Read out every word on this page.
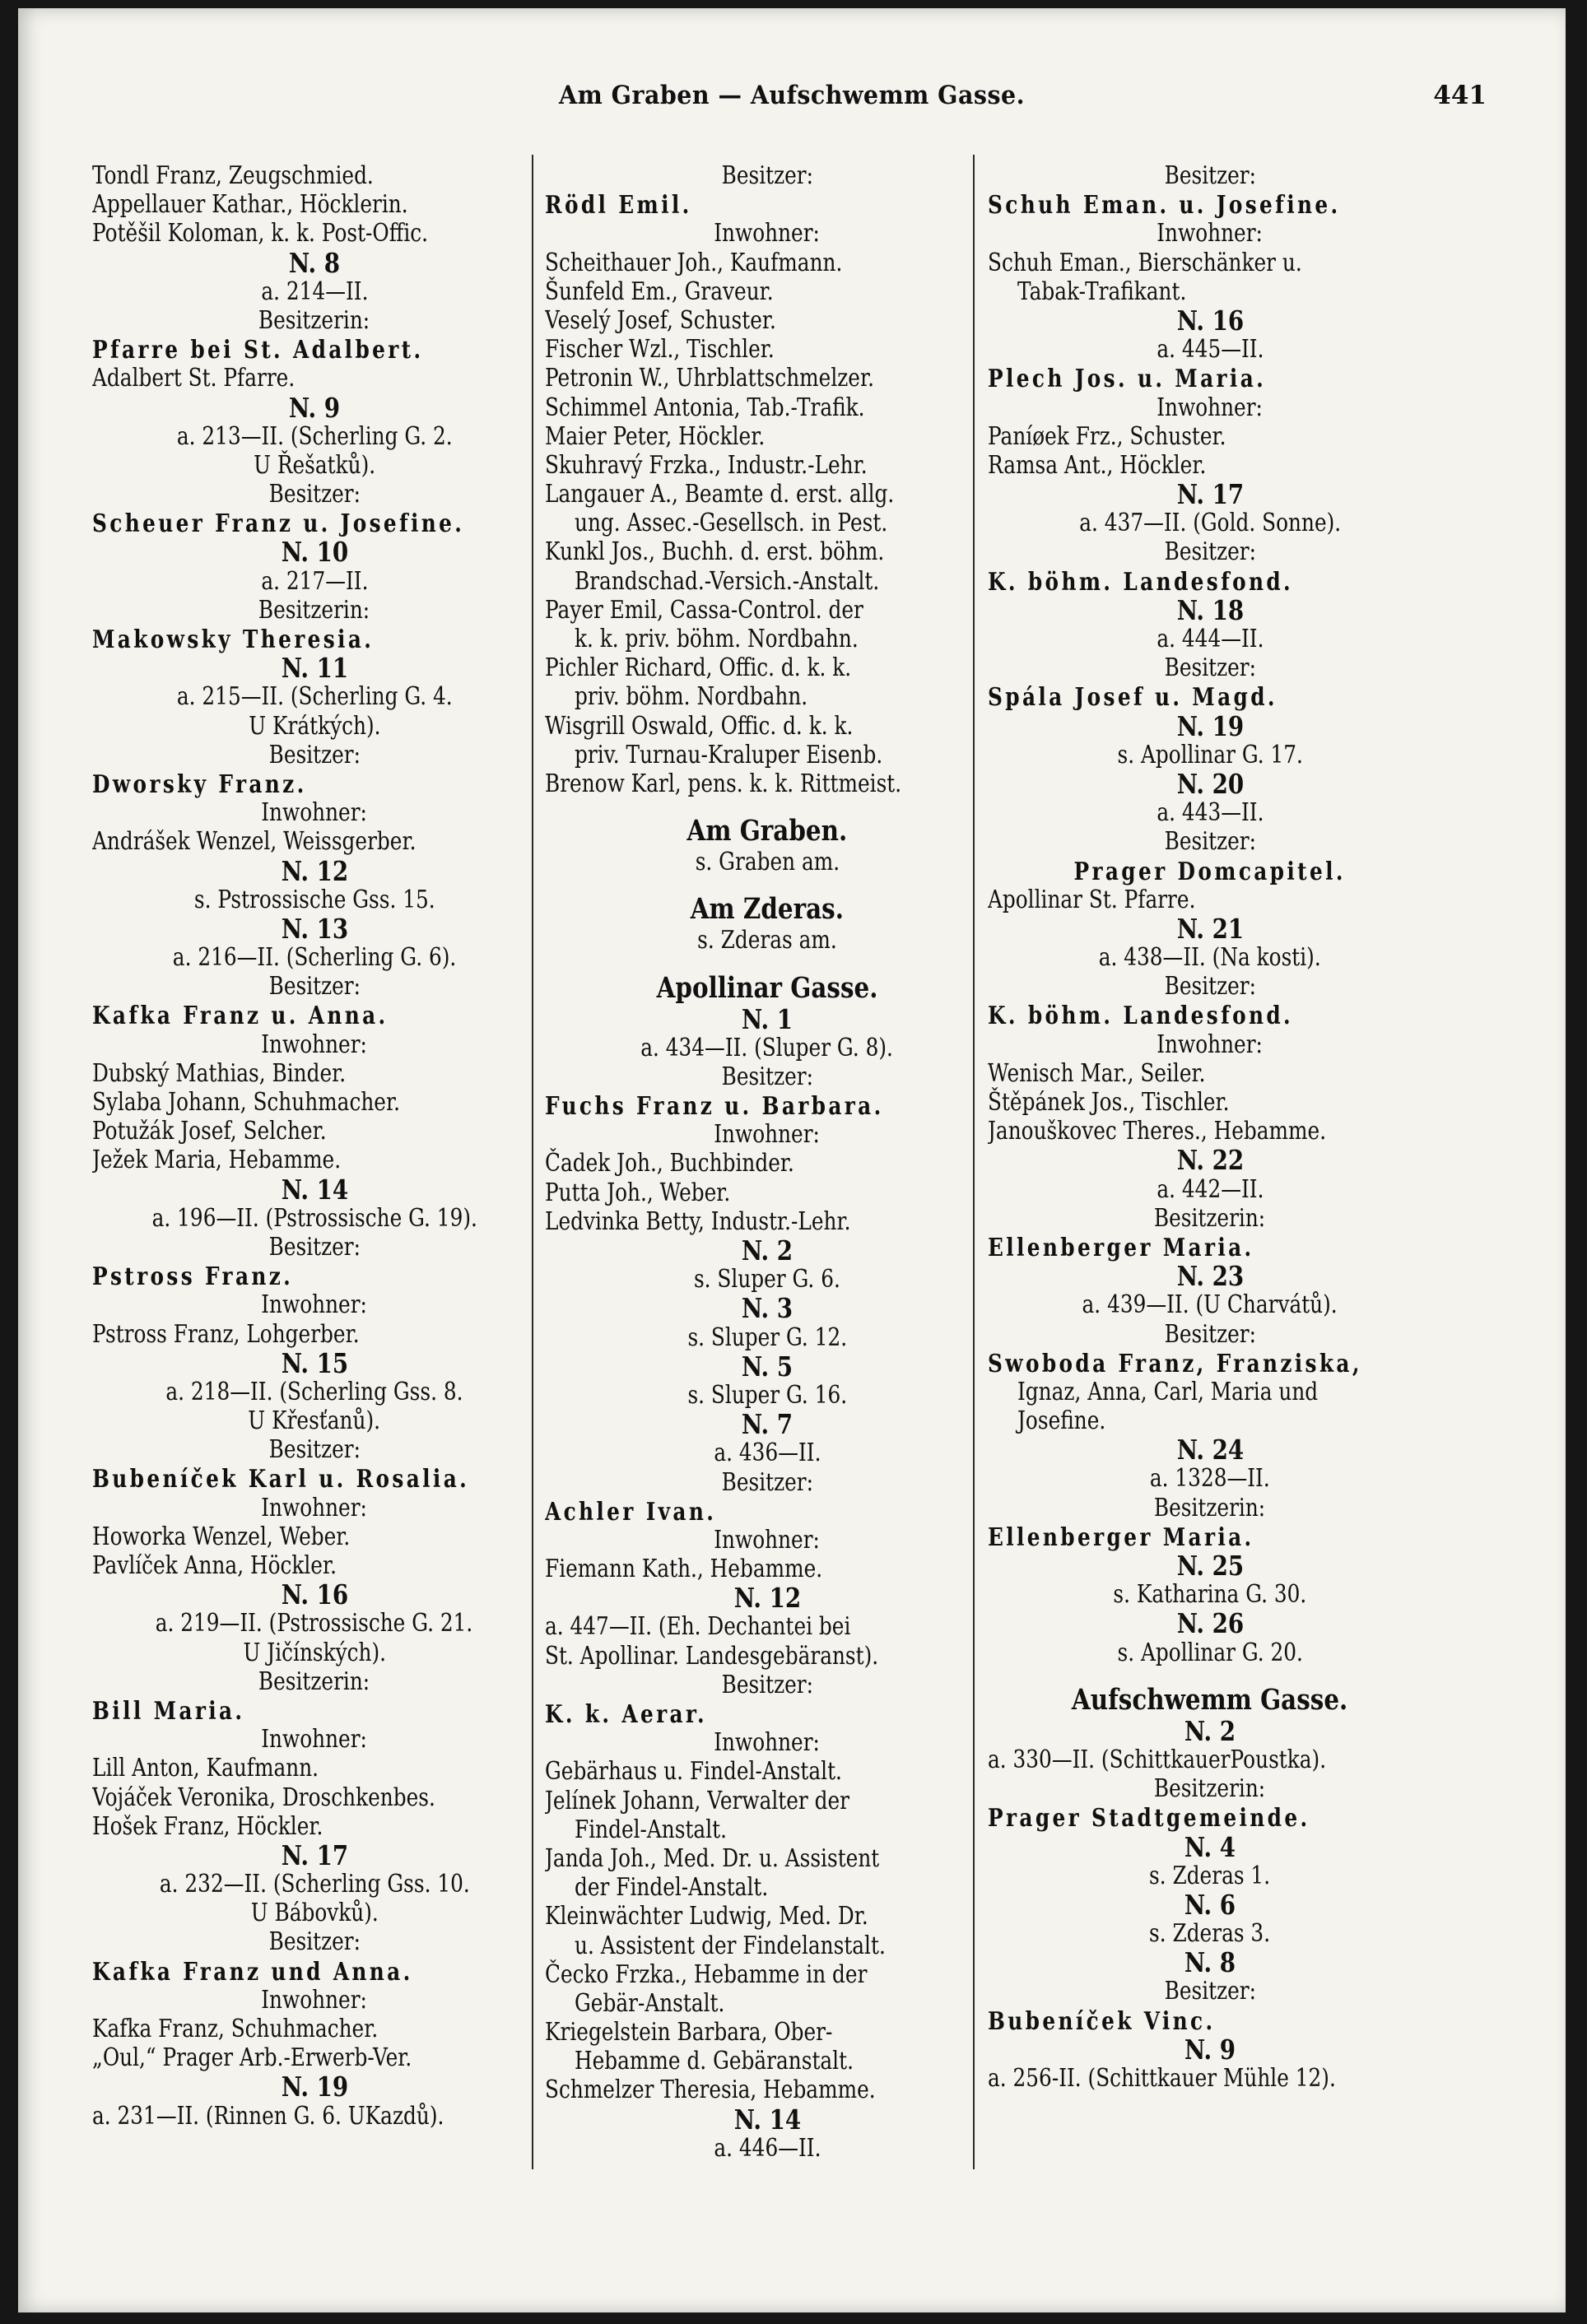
Am Graben — Aufschwemm Gasse.	441
Tondl Franz, Zeugschmied.
Appellauer Kathar., Höcklerin.
Potěšil Koloman, k. k. Post-Offic.
N. 8
a. 214—II.
Besitzerin:
Pfarre bei St. Adalbert.
Adalbert St. Pfarre.
N. 9
a. 213—II. (Scherling G. 2.
U Řešatků).
Besitzer:
Scheuer Franz u. Josefine.
N. 10
a. 217—II.
Besitzerin:
Makowsky Theresia.
N. 11
a. 215—II. (Scherling G. 4.
U Krátkých).
Besitzer:
Dworsky Franz.
Inwohner:
Andrášek Wenzel, Weissgerber.
N. 12
s. Pstrossische Gss. 15.
N. 13
a. 216—II. (Scherling G. 6).
Besitzer:
Kafka Franz u. Anna.
Inwohner:
Dubský Mathias, Binder.
Sylaba Johann, Schuhmacher.
Potužák Josef, Selcher.
Ježek Maria, Hebamme.
N. 14
a. 196—II. (Pstrossische G. 19).
Besitzer:
Pstross Franz.
Inwohner:
Pstross Franz, Lohgerber.
N. 15
a. 218—II. (Scherling Gss. 8.
U Křesťanů).
Besitzer:
Bubeníček Karl u. Rosalia.
Inwohner:
Howorka Wenzel, Weber.
Pavlíček Anna, Höckler.
N. 16
a. 219—II. (Pstrossische G. 21.
U Jičínských).
Besitzerin:
Bill Maria.
Inwohner:
Lill Anton, Kaufmann.
Vojáček Veronika, Droschkenbes.
Hošek Franz, Höckler.
N. 17
a. 232—II. (Scherling Gss. 10.
U Bábovků).
Besitzer:
Kafka Franz und Anna.
Inwohner:
Kafka Franz, Schuhmacher.
„Oul,“ Prager Arb.-Erwerb-Ver.
N. 19
a. 231—II. (Rinnen G. 6. UKazdů).
Besitzer:
Rödl Emil.
Inwohner:
Scheithauer Joh., Kaufmann.
Šunfeld Em., Graveur.
Veselý Josef, Schuster.
Fischer Wzl., Tischler.
Petronin W., Uhrblattschmelzer.
Schimmel Antonia, Tab.-Trafik.
Maier Peter, Höckler.
Skuhravý Frzka., Industr.-Lehr.
Langauer A., Beamte d. erst. allg.
ung. Assec.-Gesellsch. in Pest.
Kunkl Jos., Buchh. d. erst. böhm.
Brandschad.-Versich.-Anstalt.
Payer Emil, Cassa-Control. der
k. k. priv. böhm. Nordbahn.
Pichler Richard, Offic. d. k. k.
priv. böhm. Nordbahn.
Wisgrill Oswald, Offic. d. k. k.
priv. Turnau-Kraluper Eisenb.
Brenow Karl, pens. k. k. Rittmeist.
Am Graben.
s. Graben am.
Am Zderas.
s. Zderas am.
Apollinar Gasse.
N. 1
a. 434—II. (Sluper G. 8).
Besitzer:
Fuchs Franz u. Barbara.
Inwohner:
Čadek Joh., Buchbinder.
Putta Joh., Weber.
Ledvinka Betty, Industr.-Lehr.
N. 2
s. Sluper G. 6.
N. 3
s. Sluper G. 12.
N. 5
s. Sluper G. 16.
N. 7
a. 436—II.
Besitzer:
Achler Ivan.
Inwohner:
Fiemann Kath., Hebamme.
N. 12
a. 447—II. (Eh. Dechantei bei
St. Apollinar. Landesgebäranst).
Besitzer:
K. k. Aerar.
Inwohner:
Gebärhaus u. Findel-Anstalt.
Jelínek Johann, Verwalter der
Findel-Anstalt.
Janda Joh., Med. Dr. u. Assistent
der Findel-Anstalt.
Kleinwächter Ludwig, Med. Dr.
u. Assistent der Findelanstalt.
Čecko Frzka., Hebamme in der
Gebär-Anstalt.
Kriegelstein Barbara, Ober-
Hebamme d. Gebäranstalt.
Schmelzer Theresia, Hebamme.
N. 14
a. 446—II.
Besitzer:
Schuh Eman. u. Josefine.
Inwohner:
Schuh Eman., Bierschänker u.
Tabak-Trafikant.
N. 16
a. 445—II.
Plech Jos. u. Maria.
Inwohner:
Paníøek Frz., Schuster.
Ramsa Ant., Höckler.
N. 17
a. 437—II. (Gold. Sonne).
Besitzer:
K. böhm. Landesfond.
N. 18
a. 444—II.
Besitzer:
Spála Josef u. Magd.
N. 19
s. Apollinar G. 17.
N. 20
a. 443—II.
Besitzer:
Prager Domcapitel.
Apollinar St. Pfarre.
N. 21
a. 438—II. (Na kosti).
Besitzer:
K. böhm. Landesfond.
Inwohner:
Wenisch Mar., Seiler.
Štěpánek Jos., Tischler.
Janouškovec Theres., Hebamme.
N. 22
a. 442—II.
Besitzerin:
Ellenberger Maria.
N. 23
a. 439—II. (U Charvátů).
Besitzer:
Swoboda Franz, Franziska,
Ignaz, Anna, Carl, Maria und
Josefine.
N. 24
a. 1328—II.
Besitzerin:
Ellenberger Maria.
N. 25
s. Katharina G. 30.
N. 26
s. Apollinar G. 20.
Aufschwemm Gasse.
N. 2
a. 330—II. (SchittkauerPoustka).
Besitzerin:
Prager Stadtgemeinde.
N. 4
s. Zderas 1.
N. 6
s. Zderas 3.
N. 8
Besitzer:
Bubeníček Vinc.
N. 9
a. 256-II. (Schittkauer Mühle 12).
